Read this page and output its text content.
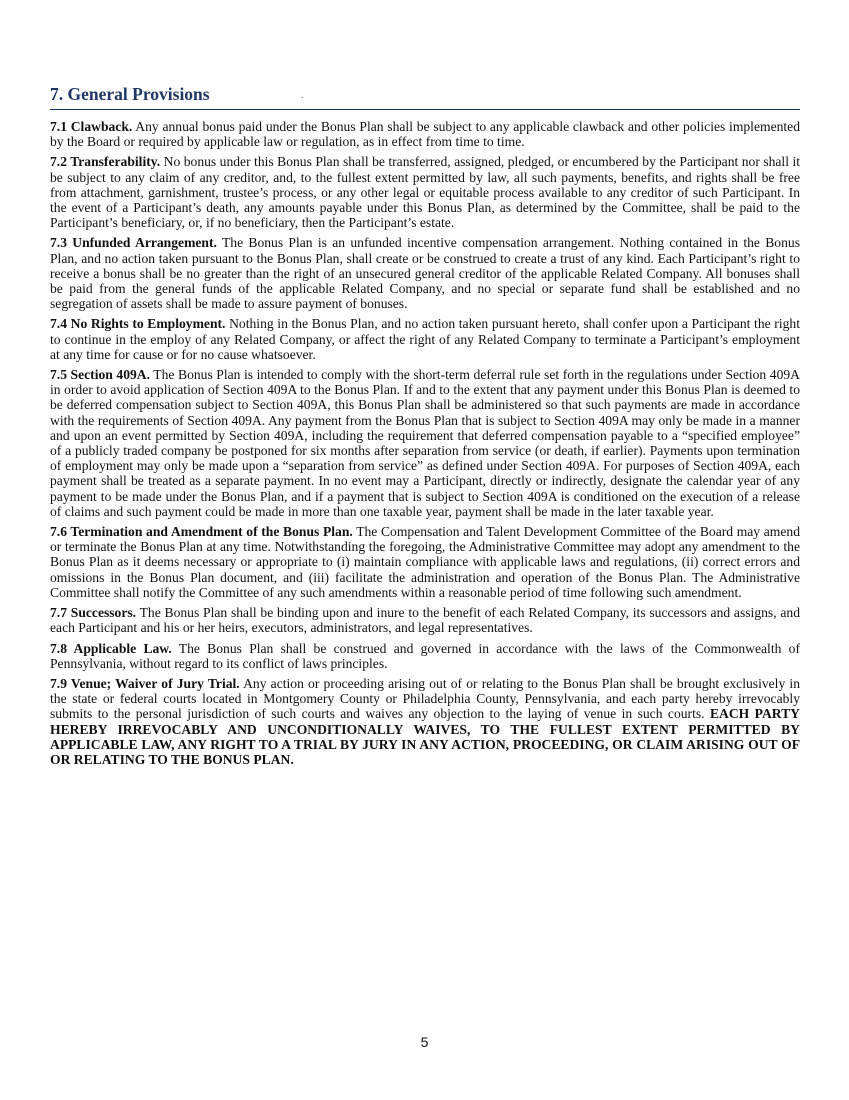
7. General Provisions	.

7.1 Clawback. Any annual bonus paid under the Bonus Plan shall be subject to any applicable clawback and other policies implemented by the Board or required by applicable law or regulation, as in effect from time to time.

7.2 Transferability. No bonus under this Bonus Plan shall be transferred, assigned, pledged, or encumbered by the Participant nor shall it be subject to any claim of any creditor, and, to the fullest extent permitted by law, all such payments, benefits, and rights shall be free from attachment, garnishment, trustee’s process, or any other legal or equitable process available to any creditor of such Participant. In the event of a Participant’s death, any amounts payable under this Bonus Plan, as determined by the Committee, shall be paid to the Participant’s beneficiary, or, if no beneficiary, then the Participant’s estate.

7.3 Unfunded Arrangement. The Bonus Plan is an unfunded incentive compensation arrangement. Nothing contained in the Bonus Plan, and no action taken pursuant to the Bonus Plan, shall create or be construed to create a trust of any kind. Each Participant’s right to receive a bonus shall be no greater than the right of an unsecured general creditor of the applicable Related Company. All bonuses shall be paid from the general funds of the applicable Related Company, and no special or separate fund shall be established and no segregation of assets shall be made to assure payment of bonuses.

7.4 No Rights to Employment. Nothing in the Bonus Plan, and no action taken pursuant hereto, shall confer upon a Participant the right to continue in the employ of any Related Company, or affect the right of any Related Company to terminate a Participant’s employment at any time for cause or for no cause whatsoever.

7.5 Section 409A. The Bonus Plan is intended to comply with the short-term deferral rule set forth in the regulations under Section 409A in order to avoid application of Section 409A to the Bonus Plan. If and to the extent that any payment under this Bonus Plan is deemed to be deferred compensation subject to Section 409A, this Bonus Plan shall be administered so that such payments are made in accordance with the requirements of Section 409A. Any payment from the Bonus Plan that is subject to Section 409A may only be made in a manner and upon an event permitted by Section 409A, including the requirement that deferred compensation payable to a “specified employee” of a publicly traded company be postponed for six months after separation from service (or death, if earlier). Payments upon termination of employment may only be made upon a “separation from service” as defined under Section 409A. For purposes of Section 409A, each payment shall be treated as a separate payment. In no event may a Participant, directly or indirectly, designate the calendar year of any payment to be made under the Bonus Plan, and if a payment that is subject to Section 409A is conditioned on the execution of a release of claims and such payment could be made in more than one taxable year, payment shall be made in the later taxable year.

7.6 Termination and Amendment of the Bonus Plan. The Compensation and Talent Development Committee of the Board may amend or terminate the Bonus Plan at any time. Notwithstanding the foregoing, the Administrative Committee may adopt any amendment to the Bonus Plan as it deems necessary or appropriate to (i) maintain compliance with applicable laws and regulations, (ii) correct errors and omissions in the Bonus Plan document, and (iii) facilitate the administration and operation of the Bonus Plan. The Administrative Committee shall notify the Committee of any such amendments within a reasonable period of time following such amendment.

7.7 Successors. The Bonus Plan shall be binding upon and inure to the benefit of each Related Company, its successors and assigns, and each Participant and his or her heirs, executors, administrators, and legal representatives.

7.8 Applicable Law. The Bonus Plan shall be construed and governed in accordance with the laws of the Commonwealth of Pennsylvania, without regard to its conflict of laws principles.

7.9 Venue; Waiver of Jury Trial. Any action or proceeding arising out of or relating to the Bonus Plan shall be brought exclusively in the state or federal courts located in Montgomery County or Philadelphia County, Pennsylvania, and each party hereby irrevocably submits to the personal jurisdiction of such courts and waives any objection to the laying of venue in such courts. EACH PARTY HEREBY IRREVOCABLY AND UNCONDITIONALLY WAIVES, TO THE FULLEST EXTENT PERMITTED BY APPLICABLE LAW, ANY RIGHT TO A TRIAL BY JURY IN ANY ACTION, PROCEEDING, OR CLAIM ARISING OUT OF OR RELATING TO THE BONUS PLAN.

5
